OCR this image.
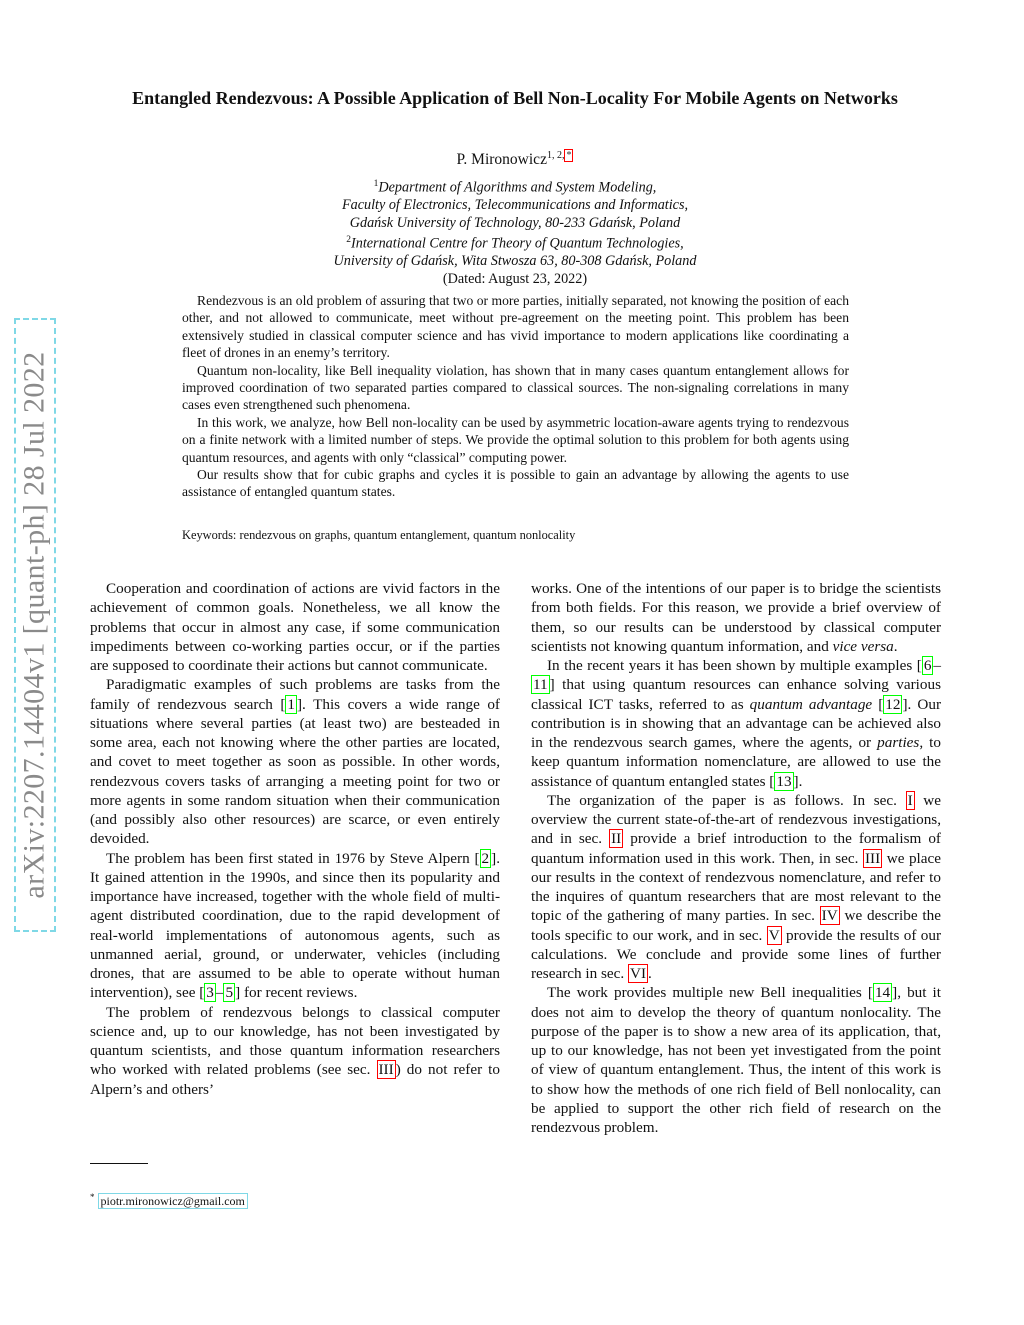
arXiv:2207.14404v1 [quant-ph] 28 Jul 2022
Entangled Rendezvous: A Possible Application of Bell Non-Locality For Mobile Agents on Networks
P. Mironowicz$^{1, 2,}$ *
$^1$Department of Algorithms and System Modeling,
Faculty of Electronics, Telecommunications and Informatics,
Gdańsk University of Technology, 80-233 Gdańsk, Poland
$^2$International Centre for Theory of Quantum Technologies,
University of Gdańsk, Wita Stwosza 63, 80-308 Gdańsk, Poland
(Dated: August 23, 2022)

Rendezvous is an old problem of assuring that two or more parties, initially separated, not knowing the position of each other, and not allowed to communicate, meet without pre-agreement on the meeting point. This problem has been extensively studied in classical computer science and has vivid importance to modern applications like coordinating a fleet of drones in an enemy’s territory.

Quantum non-locality, like Bell inequality violation, has shown that in many cases quantum entanglement allows for improved coordination of two separated parties compared to classical sources. The non-signaling correlations in many cases even strengthened such phenomena.

In this work, we analyze, how Bell non-locality can be used by asymmetric location-aware agents trying to rendezvous on a finite network with a limited number of steps. We provide the optimal solution to this problem for both agents using quantum resources, and agents with only “classical” computing power.

Our results show that for cubic graphs and cycles it is possible to gain an advantage by allowing the agents to use assistance of entangled quantum states.

Keywords: rendezvous on graphs, quantum entanglement, quantum nonlocality

Cooperation and coordination of actions are vivid factors in the achievement of common goals. Nonetheless, we all know the problems that occur in almost any case, if some communication impediments between co-working parties occur, or if the parties are supposed to coordinate their actions but cannot communicate.

Paradigmatic examples of such problems are tasks from the family of rendezvous search [ 1 ]. This covers a wide range of situations where several parties (at least two) are besteaded in some area, each not knowing where the other parties are located, and covet to meet together as soon as possible. In other words, rendezvous covers tasks of arranging a meeting point for two or more agents in some random situation when their communication (and possibly also other resources) are scarce, or even entirely devoided.

The problem has been first stated in 1976 by Steve Alpern [ 2 ]. It gained attention in the 1990s, and since then its popularity and importance have increased, together with the whole field of multi-agent distributed coordination, due to the rapid development of real-world implementations of autonomous agents, such as unmanned aerial, ground, or underwater, vehicles (including drones, that are assumed to be able to operate without human intervention), see [ 3 – 5 ] for recent reviews.

The problem of rendezvous belongs to classical computer science and, up to our knowledge, has not been investigated by quantum scientists, and those quantum information researchers who worked with related problems (see sec. III ) do not refer to Alpern’s and others’

works. One of the intentions of our paper is to bridge the scientists from both fields. For this reason, we provide a brief overview of them, so our results can be understood by classical computer scientists not knowing quantum information, and vice versa.

In the recent years it has been shown by multiple examples [ 6 –11 ] that using quantum resources can enhance solving various classical ICT tasks, referred to as quantum advantage [ 12 ]. Our contribution is in showing that an advantage can be achieved also in the rendezvous search games, where the agents, or parties, to keep quantum information nomenclature, are allowed to use the assistance of quantum entangled states [ 13 ].

The organization of the paper is as follows. In sec. I we overview the current state-of-the-art of rendezvous investigations, and in sec. II provide a brief introduction to the formalism of quantum information used in this work. Then, in sec. III we place our results in the context of rendezvous nomenclature, and refer to the inquires of quantum researchers that are most relevant to the topic of the gathering of many parties. In sec. IV we describe the tools specific to our work, and in sec. V provide the results of our calculations. We conclude and provide some lines of further research in sec. VI .

The work provides multiple new Bell inequalities [ 14 ], but it does not aim to develop the theory of quantum nonlocality. The purpose of the paper is to show a new area of its application, that, up to our knowledge, has not been yet investigated from the point of view of quantum entanglement. Thus, the intent of this work is to show how the methods of one rich field of Bell nonlocality, can be applied to support the other rich field of research on the rendezvous problem.

* piotr.mironowicz@gmail.com
